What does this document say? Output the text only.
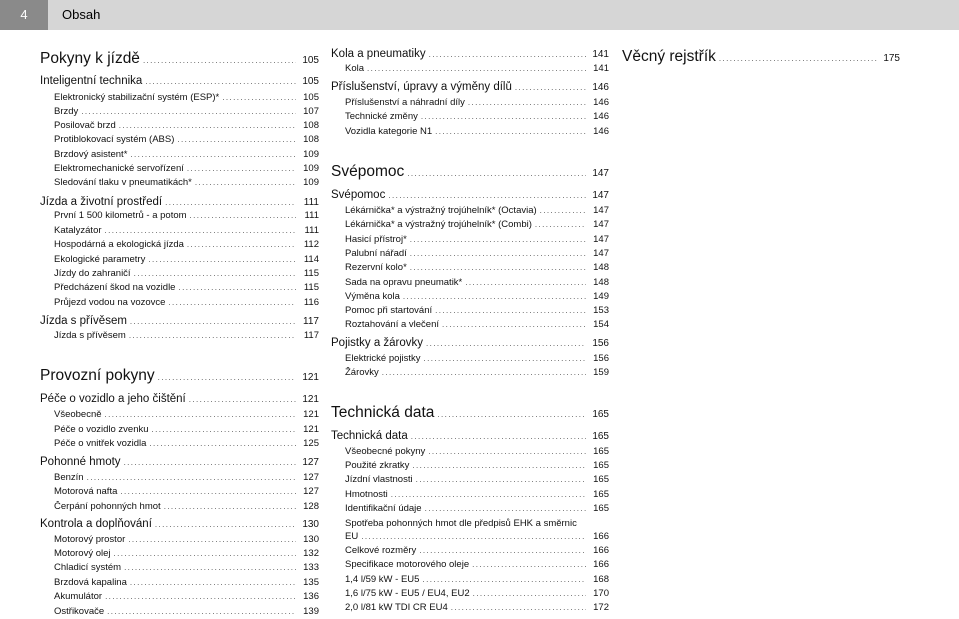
4	Obsah
Pokyny k jízdě .....	105
Inteligentní technika .....	105
Elektronický stabilizační systém (ESP)* .....	105
Brzdy .....	107
Posilovač brzd .....	108
Protiblokovací systém (ABS) .....	108
Brzdový asistent* .....	109
Elektromechanické servořízení .....	109
Sledování tlaku v pneumatikách* .....	109
Jízda a životní prostředí .....	111
První 1 500 kilometrů - a potom .....	111
Katalyzátor .....	111
Hospodárná a ekologická jízda .....	112
Ekologické parametry .....	114
Jízdy do zahraničí .....	115
Předcházení škod na vozidle .....	115
Průjezd vodou na vozovce .....	116
Jízda s přívěsem .....	117
Jízda s přívěsem .....	117
Provozní pokyny .....	121
Péče o vozidlo a jeho čištění .....	121
Všeobecně .....	121
Péče o vozidlo zvenku .....	121
Péče o vnitřek vozidla .....	125
Pohonné hmoty .....	127
Benzín .....	127
Motorová nafta .....	127
Čerpání pohonných hmot .....	128
Kontrola a doplňování .....	130
Motorový prostor .....	130
Motorový olej .....	132
Chladicí systém .....	133
Brzdová kapalina .....	135
Akumulátor .....	136
Ostřikovače .....	139
Kola a pneumatiky .....	141
Kola .....	141
Příslušenství, úpravy a výměny dílů .....	146
Příslušenství a náhradní díly .....	146
Technické změny .....	146
Vozidla kategorie N1 .....	146
Svépomoc .....	147
Svépomoc .....	147
Lékárnička* a výstražný trojúhelník* (Octavia) .....	147
Lékárnička* a výstražný trojúhelník* (Combi) .....	147
Hasicí přístroj* .....	147
Palubní nářadí .....	147
Rezervní kolo* .....	148
Sada na opravu pneumatik* .....	148
Výměna kola .....	149
Pomoc při startování .....	153
Roztahování a vlečení .....	154
Pojistky a žárovky .....	156
Elektrické pojistky .....	156
Žárovky .....	159
Technická data .....	165
Technická data .....	165
Všeobecné pokyny .....	165
Použité zkratky .....	165
Jízdní vlastnosti .....	165
Hmotnosti .....	165
Identifikační údaje .....	165
Spotřeba pohonných hmot dle předpisů EHK a směrnic
EU .....	166
Celkové rozměry .....	166
Specifikace motorového oleje .....	166
1,4 l/59 kW - EU5 .....	168
1,6 l/75 kW - EU5 / EU4, EU2 .....	170
2,0 l/81 kW TDI CR EU4 .....	172
Věcný rejstřík .....	175
